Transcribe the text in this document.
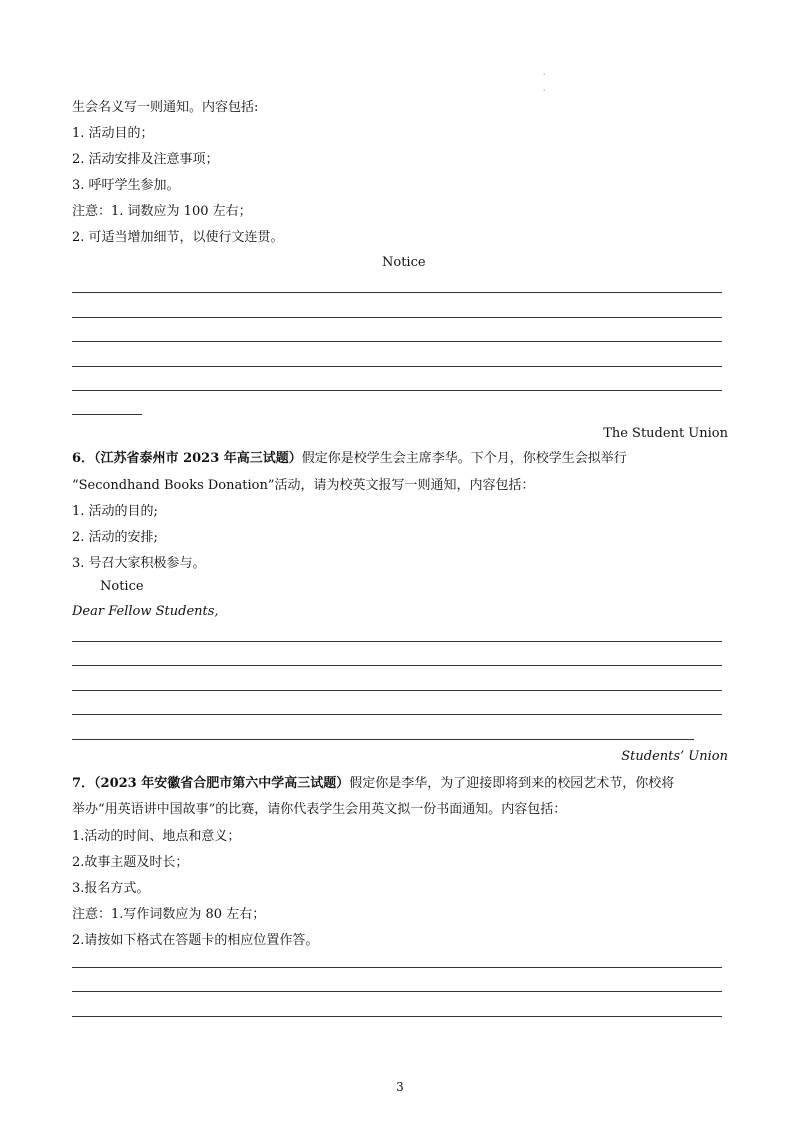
'
'
生会名义写一则通知。内容包括:
1. 活动目的；
2. 活动安排及注意事项；
3. 呼吁学生参加。
注意：1. 词数应为 100 左右；
2. 可适当增加细节，以使行文连贯。
Notice
The Student Union
6．（江苏省泰州市 2023 年高三试题）假定你是校学生会主席李华。下个月，你校学生会拟举行
“Secondhand Books Donation”活动，请为校英文报写一则通知，内容包括：
1. 活动的目的;
2. 活动的安排;
3. 号召大家积极参与。
Notice
Dear Fellow Students,
Students’ Union
7．（2023 年安徽省合肥市第六中学高三试题）假定你是李华，为了迎接即将到来的校园艺术节，你校将
举办“用英语讲中国故事”的比赛，请你代表学生会用英文拟一份书面通知。内容包括：
1.活动的时间、地点和意义；
2.故事主题及时长；
3.报名方式。
注意：1.写作词数应为 80 左右；
2.请按如下格式在答题卡的相应位置作答。
3
